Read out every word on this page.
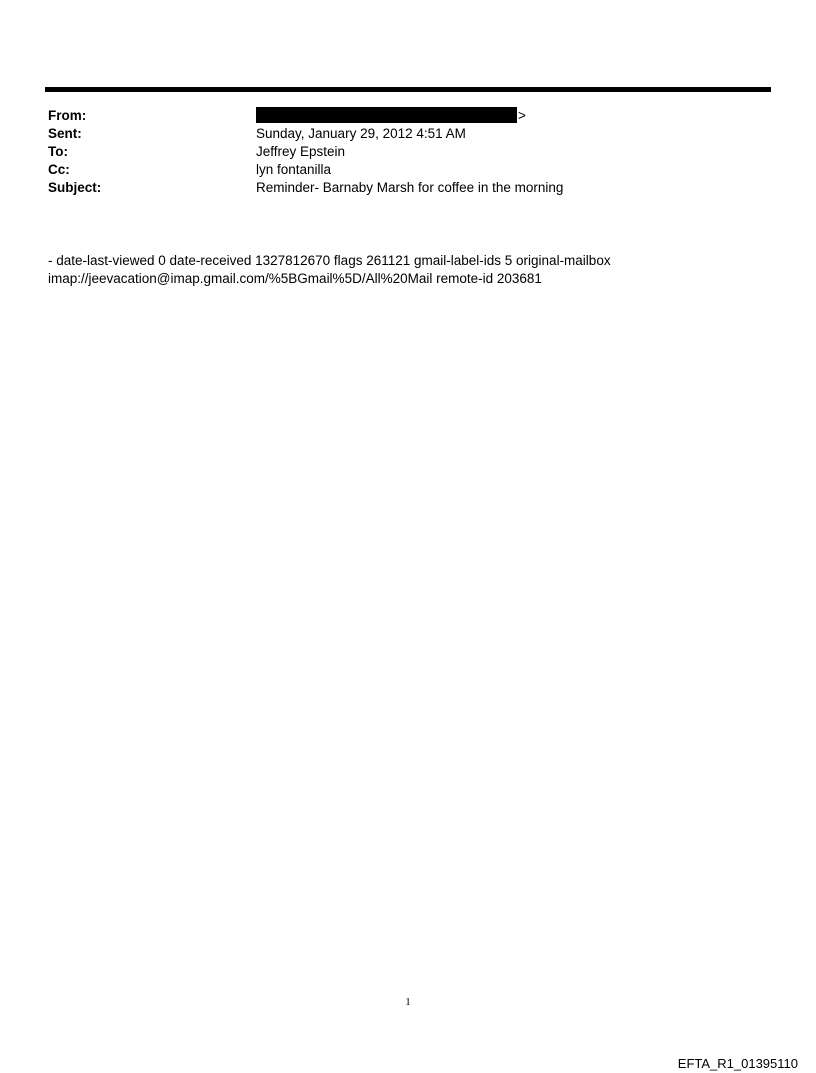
From:	>
Sent:	Sunday, January 29, 2012 4:51 AM
To:	Jeffrey Epstein
Cc:	lyn fontanilla
Subject:	Reminder- Barnaby Marsh for coffee in the morning
- date-last-viewed 0 date-received 1327812670 flags 261121 gmail-label-ids 5 original-mailbox
imap://jeevacation@imap.gmail.com/%5BGmail%5D/All%20Mail remote-id 203681
1
EFTA_R1_01395110
